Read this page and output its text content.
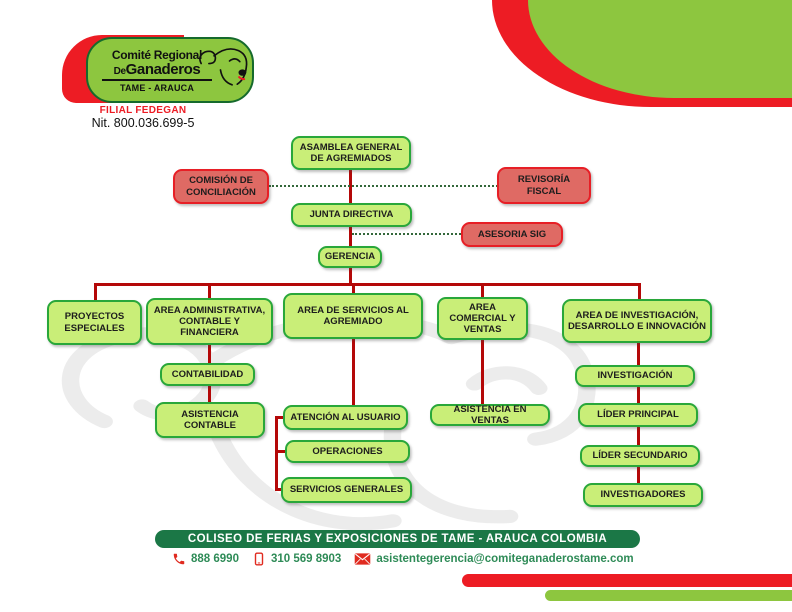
Comité Regional
DeGanaderos
TAME - ARAUCA
FILIAL FEDEGAN
Nit. 800.036.699-5
ASAMBLEA GENERAL DE AGREMIADOS
COMISIÓN DE CONCILIACIÓN
REVISORÍA FISCAL
JUNTA DIRECTIVA
ASESORIA SIG
GERENCIA
PROYECTOS ESPECIALES
AREA ADMINISTRATIVA, CONTABLE Y FINANCIERA
AREA DE SERVICIOS AL AGREMIADO
AREA COMERCIAL Y VENTAS
AREA DE INVESTIGACIÓN, DESARROLLO E INNOVACIÓN
CONTABILIDAD
ASISTENCIA CONTABLE
ATENCIÓN AL USUARIO
OPERACIONES
SERVICIOS GENERALES
ASISTENCIA EN VENTAS
INVESTIGACIÓN
LÍDER PRINCIPAL
LÍDER SECUNDARIO
INVESTIGADORES
COLISEO DE FERIAS Y EXPOSICIONES DE TAME - ARAUCA COLOMBIA
888 6990	310 569 8903	asistentegerencia@comiteganaderostame.com
